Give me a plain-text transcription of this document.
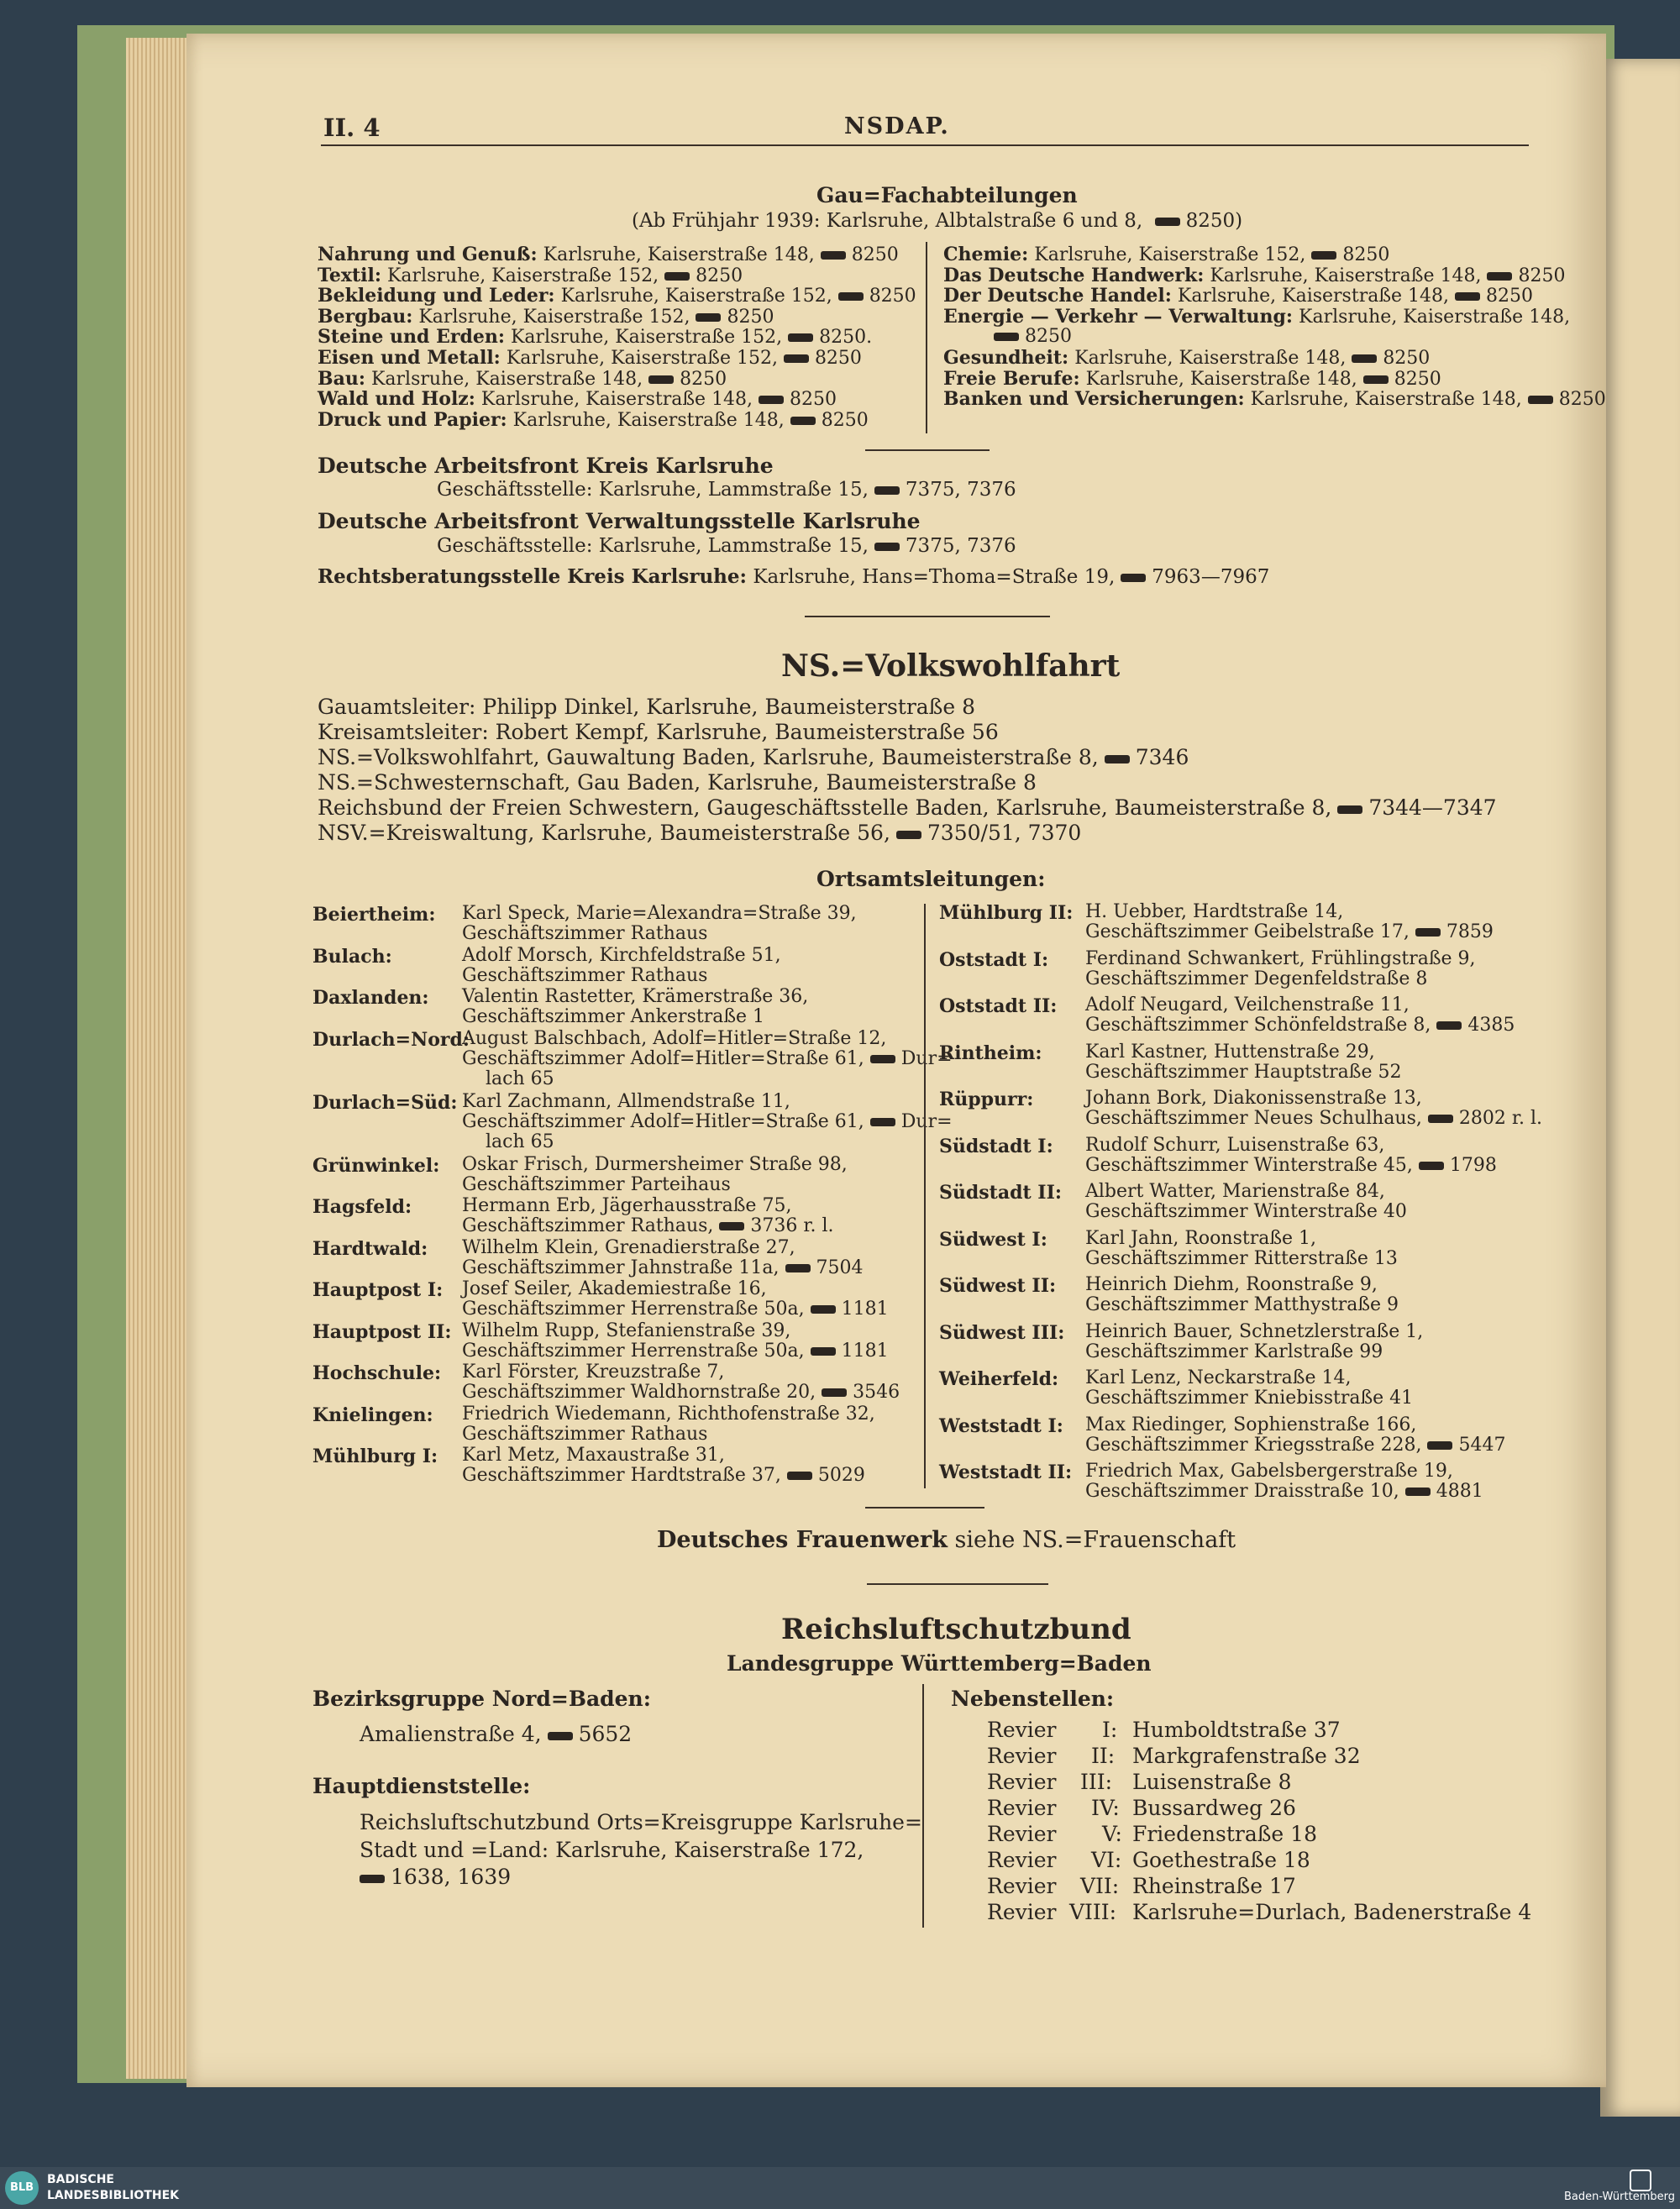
II. 4	NSDAP.
Gau=Fachabteilungen
(Ab Frühjahr 1939: Karlsruhe, Albtalstraße 6 und 8, 8250)
Nahrung und Genuß: Karlsruhe, Kaiserstraße 148, 8250
Textil: Karlsruhe, Kaiserstraße 152, 8250
Bekleidung und Leder: Karlsruhe, Kaiserstraße 152, 8250
Bergbau: Karlsruhe, Kaiserstraße 152, 8250
Steine und Erden: Karlsruhe, Kaiserstraße 152, 8250.
Eisen und Metall: Karlsruhe, Kaiserstraße 152, 8250
Bau: Karlsruhe, Kaiserstraße 148, 8250
Wald und Holz: Karlsruhe, Kaiserstraße 148, 8250
Druck und Papier: Karlsruhe, Kaiserstraße 148, 8250
Chemie: Karlsruhe, Kaiserstraße 152, 8250
Das Deutsche Handwerk: Karlsruhe, Kaiserstraße 148, 8250
Der Deutsche Handel: Karlsruhe, Kaiserstraße 148, 8250
Energie — Verkehr — Verwaltung: Karlsruhe, Kaiserstraße 148,
8250
Gesundheit: Karlsruhe, Kaiserstraße 148, 8250
Freie Berufe: Karlsruhe, Kaiserstraße 148, 8250
Banken und Versicherungen: Karlsruhe, Kaiserstraße 148, 8250
Deutsche Arbeitsfront Kreis Karlsruhe
Geschäftsstelle: Karlsruhe, Lammstraße 15, 7375, 7376
Deutsche Arbeitsfront Verwaltungsstelle Karlsruhe
Geschäftsstelle: Karlsruhe, Lammstraße 15, 7375, 7376
Rechtsberatungsstelle Kreis Karlsruhe: Karlsruhe, Hans=Thoma=Straße 19, 7963—7967
NS.=Volkswohlfahrt
Gauamtsleiter: Philipp Dinkel, Karlsruhe, Baumeisterstraße 8
Kreisamtsleiter: Robert Kempf, Karlsruhe, Baumeisterstraße 56
NS.=Volkswohlfahrt, Gauwaltung Baden, Karlsruhe, Baumeisterstraße 8, 7346
NS.=Schwesternschaft, Gau Baden, Karlsruhe, Baumeisterstraße 8
Reichsbund der Freien Schwestern, Gaugeschäftsstelle Baden, Karlsruhe, Baumeisterstraße 8, 7344—7347
NSV.=Kreiswaltung, Karlsruhe, Baumeisterstraße 56, 7350/51, 7370
Ortsamtsleitungen:
Beiertheim: Karl Speck, Marie=Alexandra=Straße 39,
Geschäftszimmer Rathaus
Bulach:	Adolf Morsch, Kirchfeldstraße 51,
Geschäftszimmer Rathaus
Daxlanden: Valentin Rastetter, Krämerstraße 36,
Geschäftszimmer Ankerstraße 1
Durlach=Nord:
August Balschbach, Adolf=Hitler=Straße 12,
Geschäftszimmer Adolf=Hitler=Straße 61, Dur=
lach 65
Durlach=Süd: Karl Zachmann, Allmendstraße 11,
Geschäftszimmer Adolf=Hitler=Straße 61, Dur=
lach 65
Grünwinkel: Oskar Frisch, Durmersheimer Straße 98,
Geschäftszimmer Parteihaus
Hagsfeld:	Hermann Erb, Jägerhausstraße 75,
Geschäftszimmer Rathaus, 3736 r. l.
Hardtwald: Wilhelm Klein, Grenadierstraße 27,
Geschäftszimmer Jahnstraße 11a, 7504
Hauptpost I: Josef Seiler, Akademiestraße 16,
Geschäftszimmer Herrenstraße 50a, 1181
Hauptpost II: Wilhelm Rupp, Stefanienstraße 39,
Geschäftszimmer Herrenstraße 50a, 1181
Hochschule: Karl Förster, Kreuzstraße 7,
Geschäftszimmer Waldhornstraße 20, 3546
Knielingen: Friedrich Wiedemann, Richthofenstraße 32,
Geschäftszimmer Rathaus
Mühlburg I: Karl Metz, Maxaustraße 31,
Geschäftszimmer Hardtstraße 37, 5029
Mühlburg II: H. Uebber, Hardtstraße 14,
Geschäftszimmer Geibelstraße 17, 7859
Oststadt I: Ferdinand Schwankert, Frühlingstraße 9,
Geschäftszimmer Degenfeldstraße 8
Oststadt II: Adolf Neugard, Veilchenstraße 11,
Geschäftszimmer Schönfeldstraße 8, 4385
Rintheim: Karl Kastner, Huttenstraße 29,
Geschäftszimmer Hauptstraße 52
Rüppurr:	Johann Bork, Diakonissenstraße 13,
Geschäftszimmer Neues Schulhaus, 2802 r. l.
Südstadt I: Rudolf Schurr, Luisenstraße 63,
Geschäftszimmer Winterstraße 45, 1798
Südstadt II: Albert Watter, Marienstraße 84,
Geschäftszimmer Winterstraße 40
Südwest I: Karl Jahn, Roonstraße 1,
Geschäftszimmer Ritterstraße 13
Südwest II: Heinrich Diehm, Roonstraße 9,
Geschäftszimmer Matthystraße 9
Südwest III: Heinrich Bauer, Schnetzlerstraße 1,
Geschäftszimmer Karlstraße 99
Weiherfeld: Karl Lenz, Neckarstraße 14,
Geschäftszimmer Kniebisstraße 41
Weststadt I: Max Riedinger, Sophienstraße 166,
Geschäftszimmer Kriegsstraße 228, 5447
Weststadt II: Friedrich Max, Gabelsbergerstraße 19,
Geschäftszimmer Draisstraße 10, 4881
Deutsches Frauenwerk siehe NS.=Frauenschaft
Reichsluftschutzbund
Landesgruppe Württemberg=Baden
Bezirksgruppe Nord=Baden:
Amalienstraße 4, 5652
Hauptdienststelle:
Reichsluftschutzbund Orts=Kreisgruppe Karlsruhe=
Stadt und =Land: Karlsruhe, Kaiserstraße 172,
1638, 1639
Nebenstellen:
Revier I: Humboldtstraße 37
Revier II: Markgrafenstraße 32
Revier III: Luisenstraße 8
Revier IV: Bussardweg 26
Revier V: Friedenstraße 18
Revier VI: Goethestraße 18
Revier VII: Rheinstraße 17
Revier VIII: Karlsruhe=Durlach, Badenerstraße 4
BLB
BADISCHE
LANDESBIBLIOTHEK	Baden-Württemberg
